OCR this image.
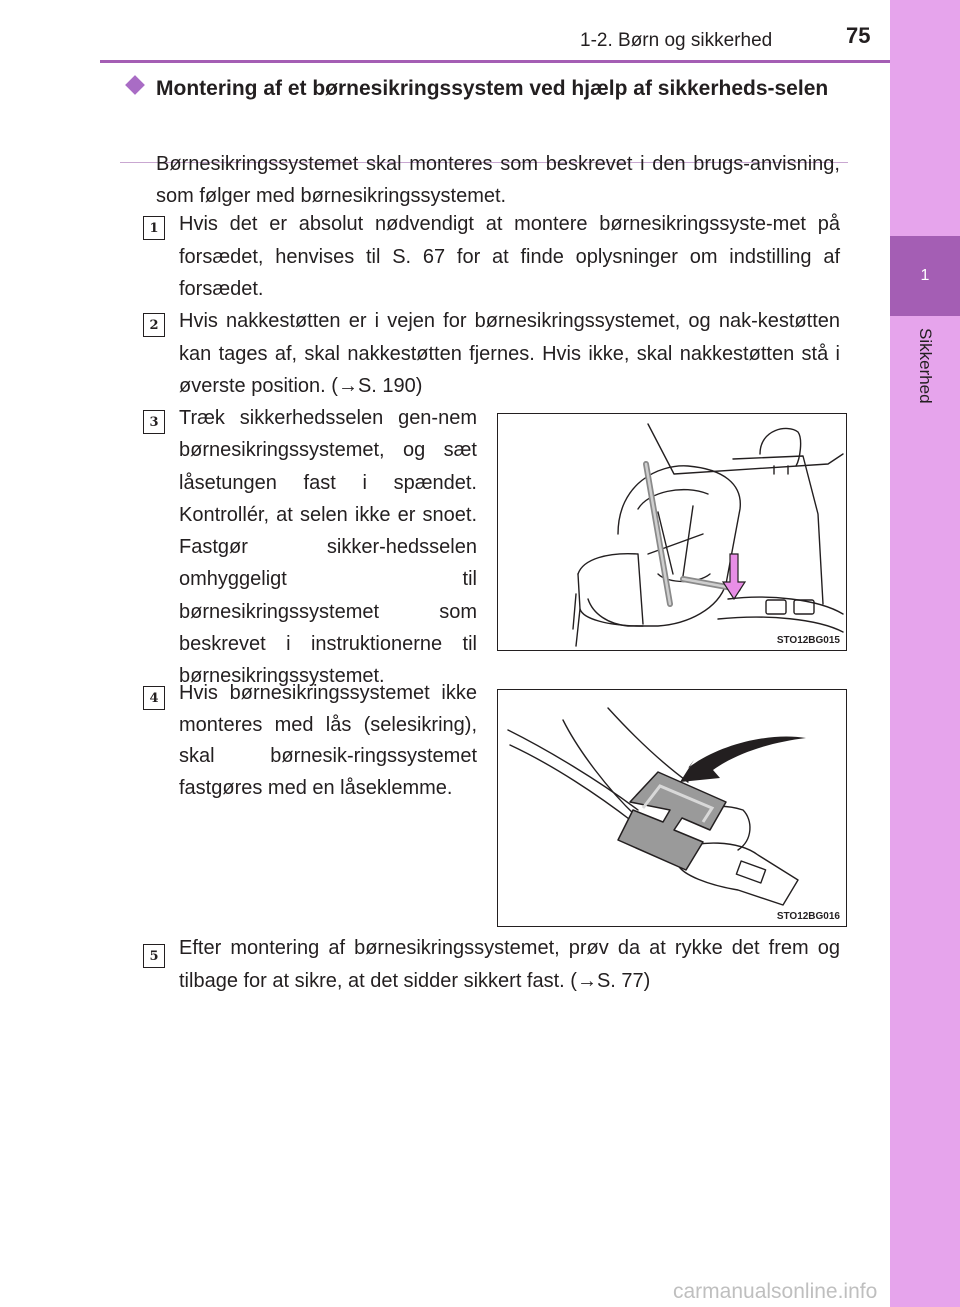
1-2. Børn og sikkerhed	75
1
Sikkerhed
Montering af et børnesikringssystem ved hjælp af sikkerheds-selen
Børnesikringssystemet skal monteres som beskrevet i den brugs-anvisning, som følger med børnesikringssystemet.
1	Hvis det er absolut nødvendigt at montere børnesikringssyste-met på forsædet, henvises til S. 67 for at finde oplysninger om indstilling af forsædet.
2	Hvis nakkestøtten er i vejen for børnesikringssystemet, og nak-kestøtten kan tages af, skal nakkestøtten fjernes. Hvis ikke, skal nakkestøtten stå i øverste position. (→S. 190)
3	Træk sikkerhedsselen gen-nem børnesikringssystemet, og sæt låsetungen fast i spændet. Kontrollér, at selen ikke er snoet. Fastgør sikker-hedsselen omhyggeligt til børnesikringssystemet som beskrevet i instruktionerne til børnesikringssystemet.
STO12BG015
4	Hvis børnesikringssystemet ikke monteres med lås (selesikring), skal børnesik-ringssystemet fastgøres med en låseklemme.
STO12BG016
5	Efter montering af børnesikringssystemet, prøv da at rykke det frem og tilbage for at sikre, at det sidder sikkert fast. (→S. 77)
carmanualsonline.info
